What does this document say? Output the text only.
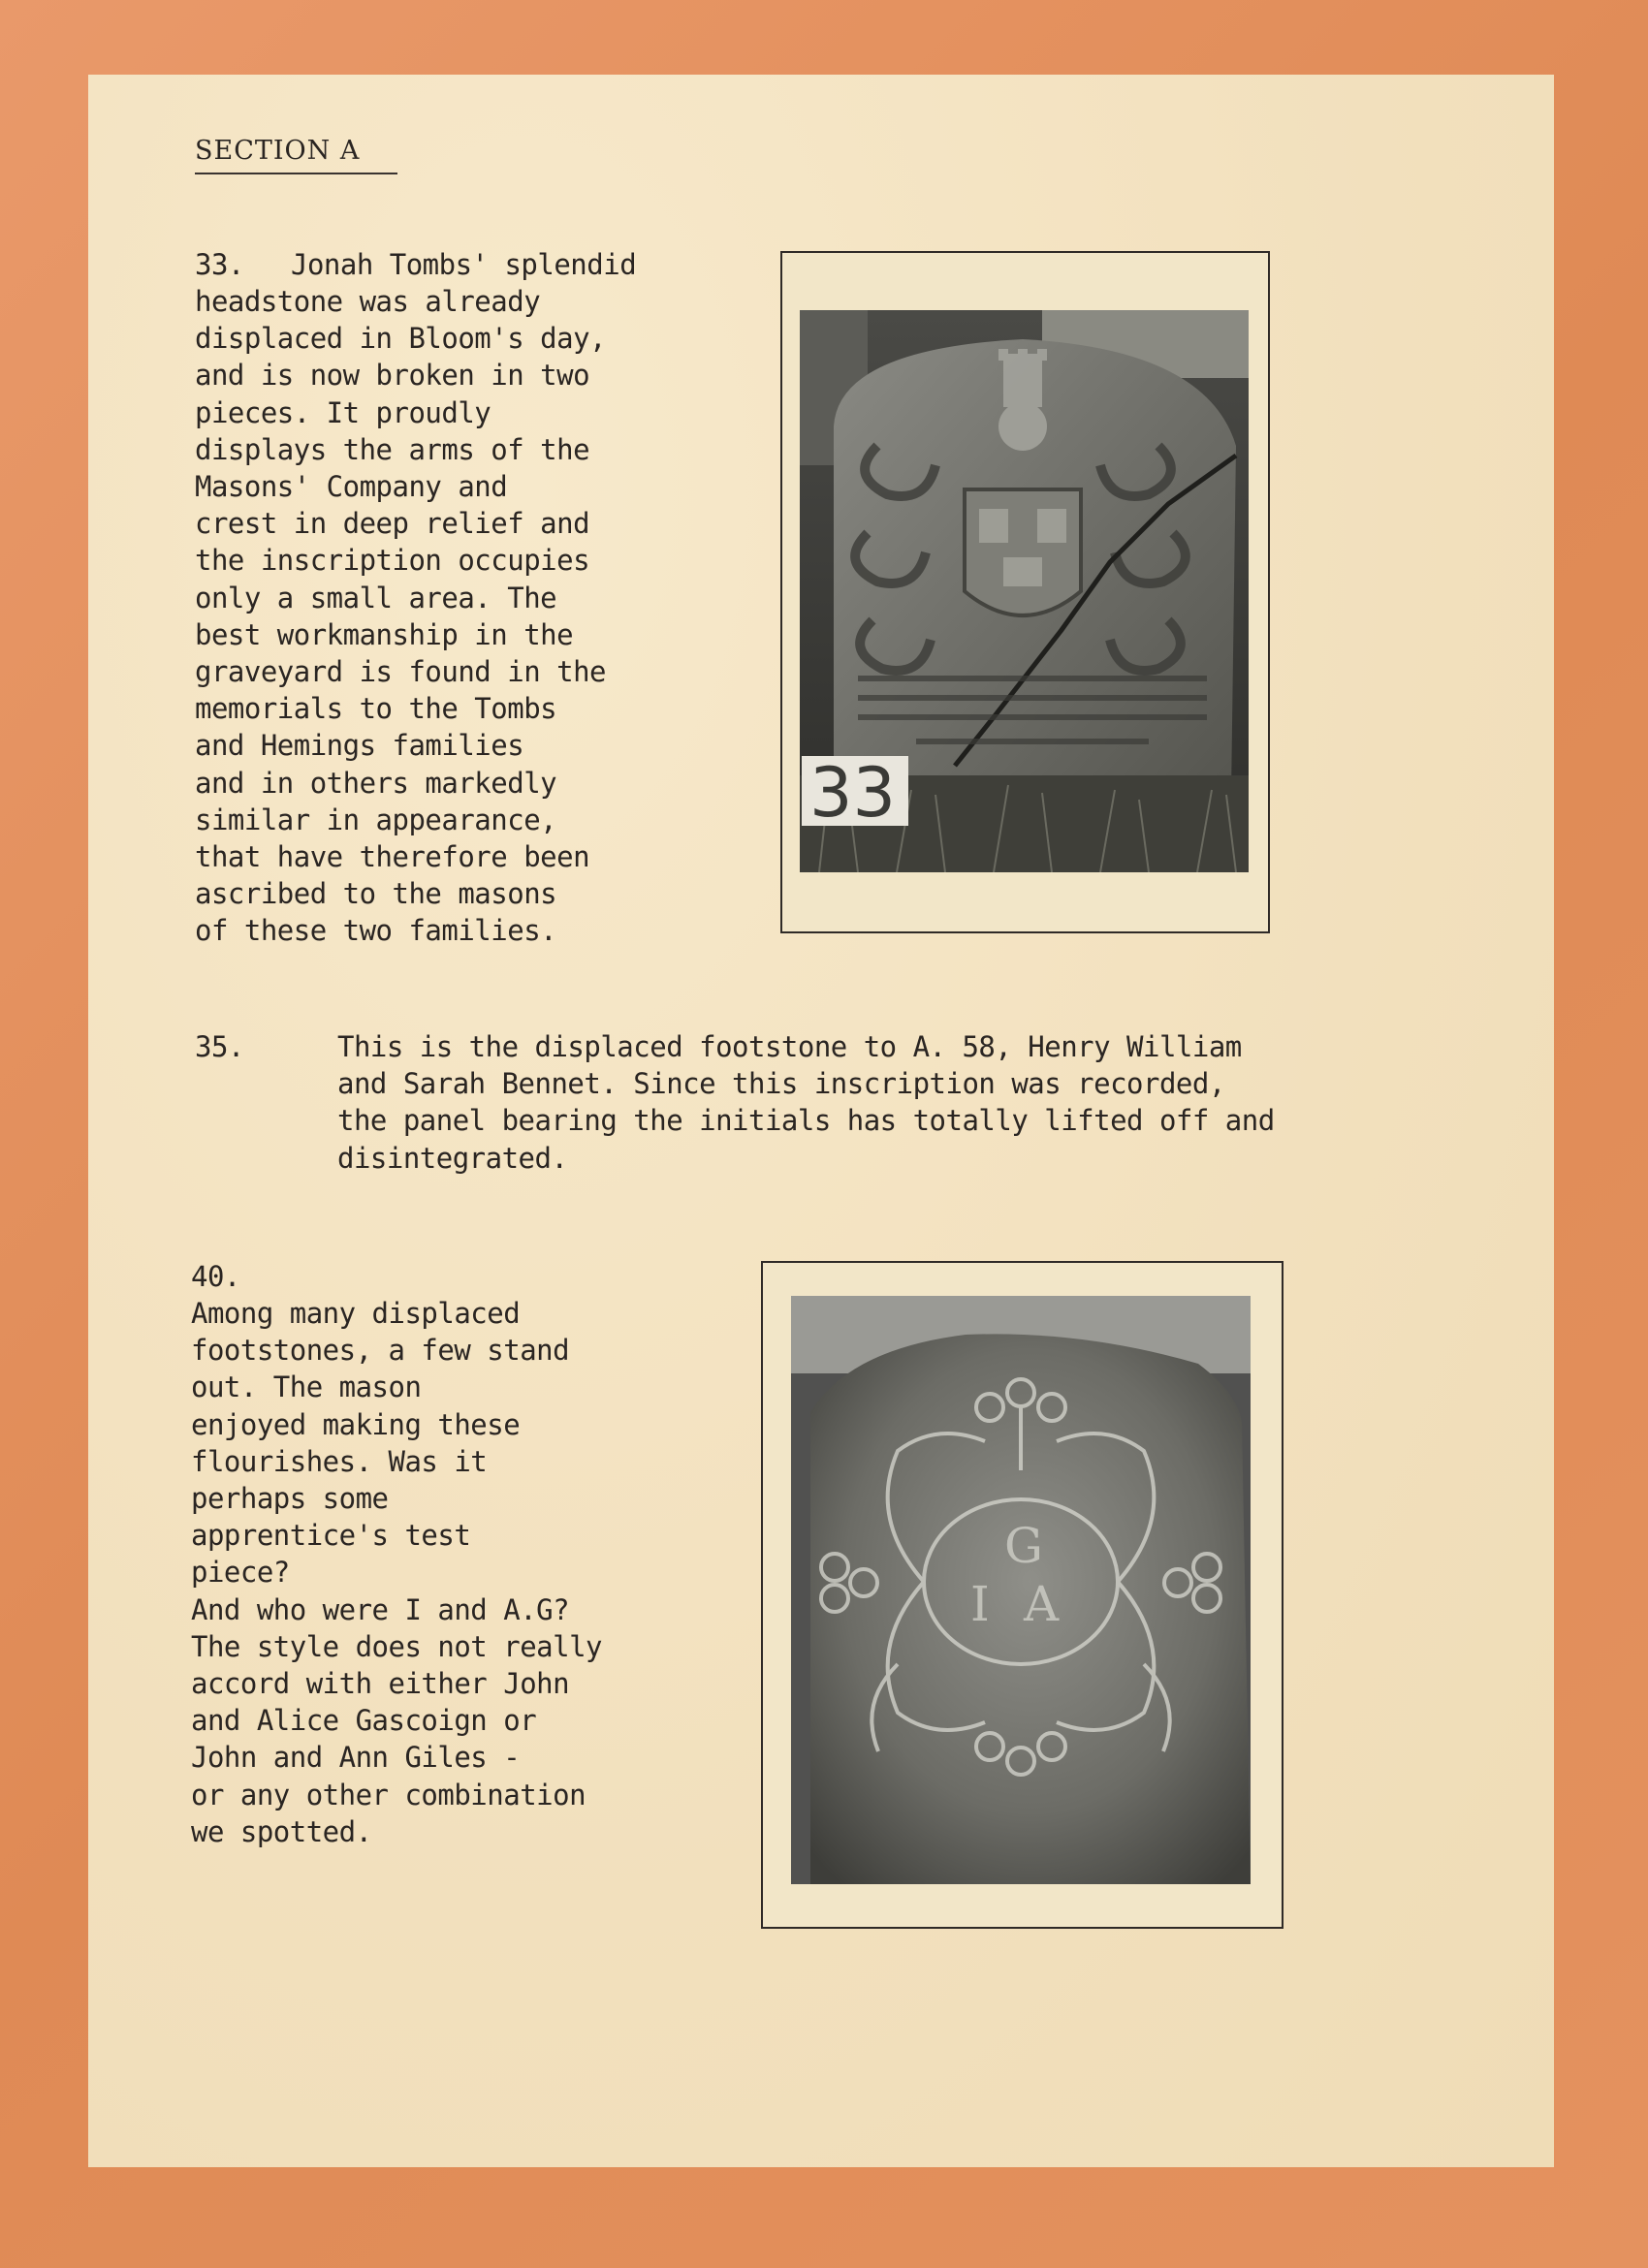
SECTION A
33. Jonah Tombs' splendid
headstone was already
displaced in Bloom's day,
and is now broken in two
pieces. It proudly
displays the arms of the
Masons' Company and
crest in deep relief and
the inscription occupies
only a small area. The
best workmanship in the
graveyard is found in the
memorials to the Tombs
and Hemings families
and in others markedly
similar in appearance,
that have therefore been
ascribed to the masons
of these two families.
33
35.	This is the displaced footstone to A. 58, Henry William
and Sarah Bennet. Since this inscription was recorded,
the panel bearing the initials has totally lifted off and
disintegrated.
40.
Among many displaced
footstones, a few stand
out. The mason
enjoyed making these
flourishes. Was it
perhaps some
apprentice's test
piece?
And who were I and A.G?
The style does not really
accord with either John
and Alice Gascoign or
John and Ann Giles -
or any other combination
we spotted.
G
I A
